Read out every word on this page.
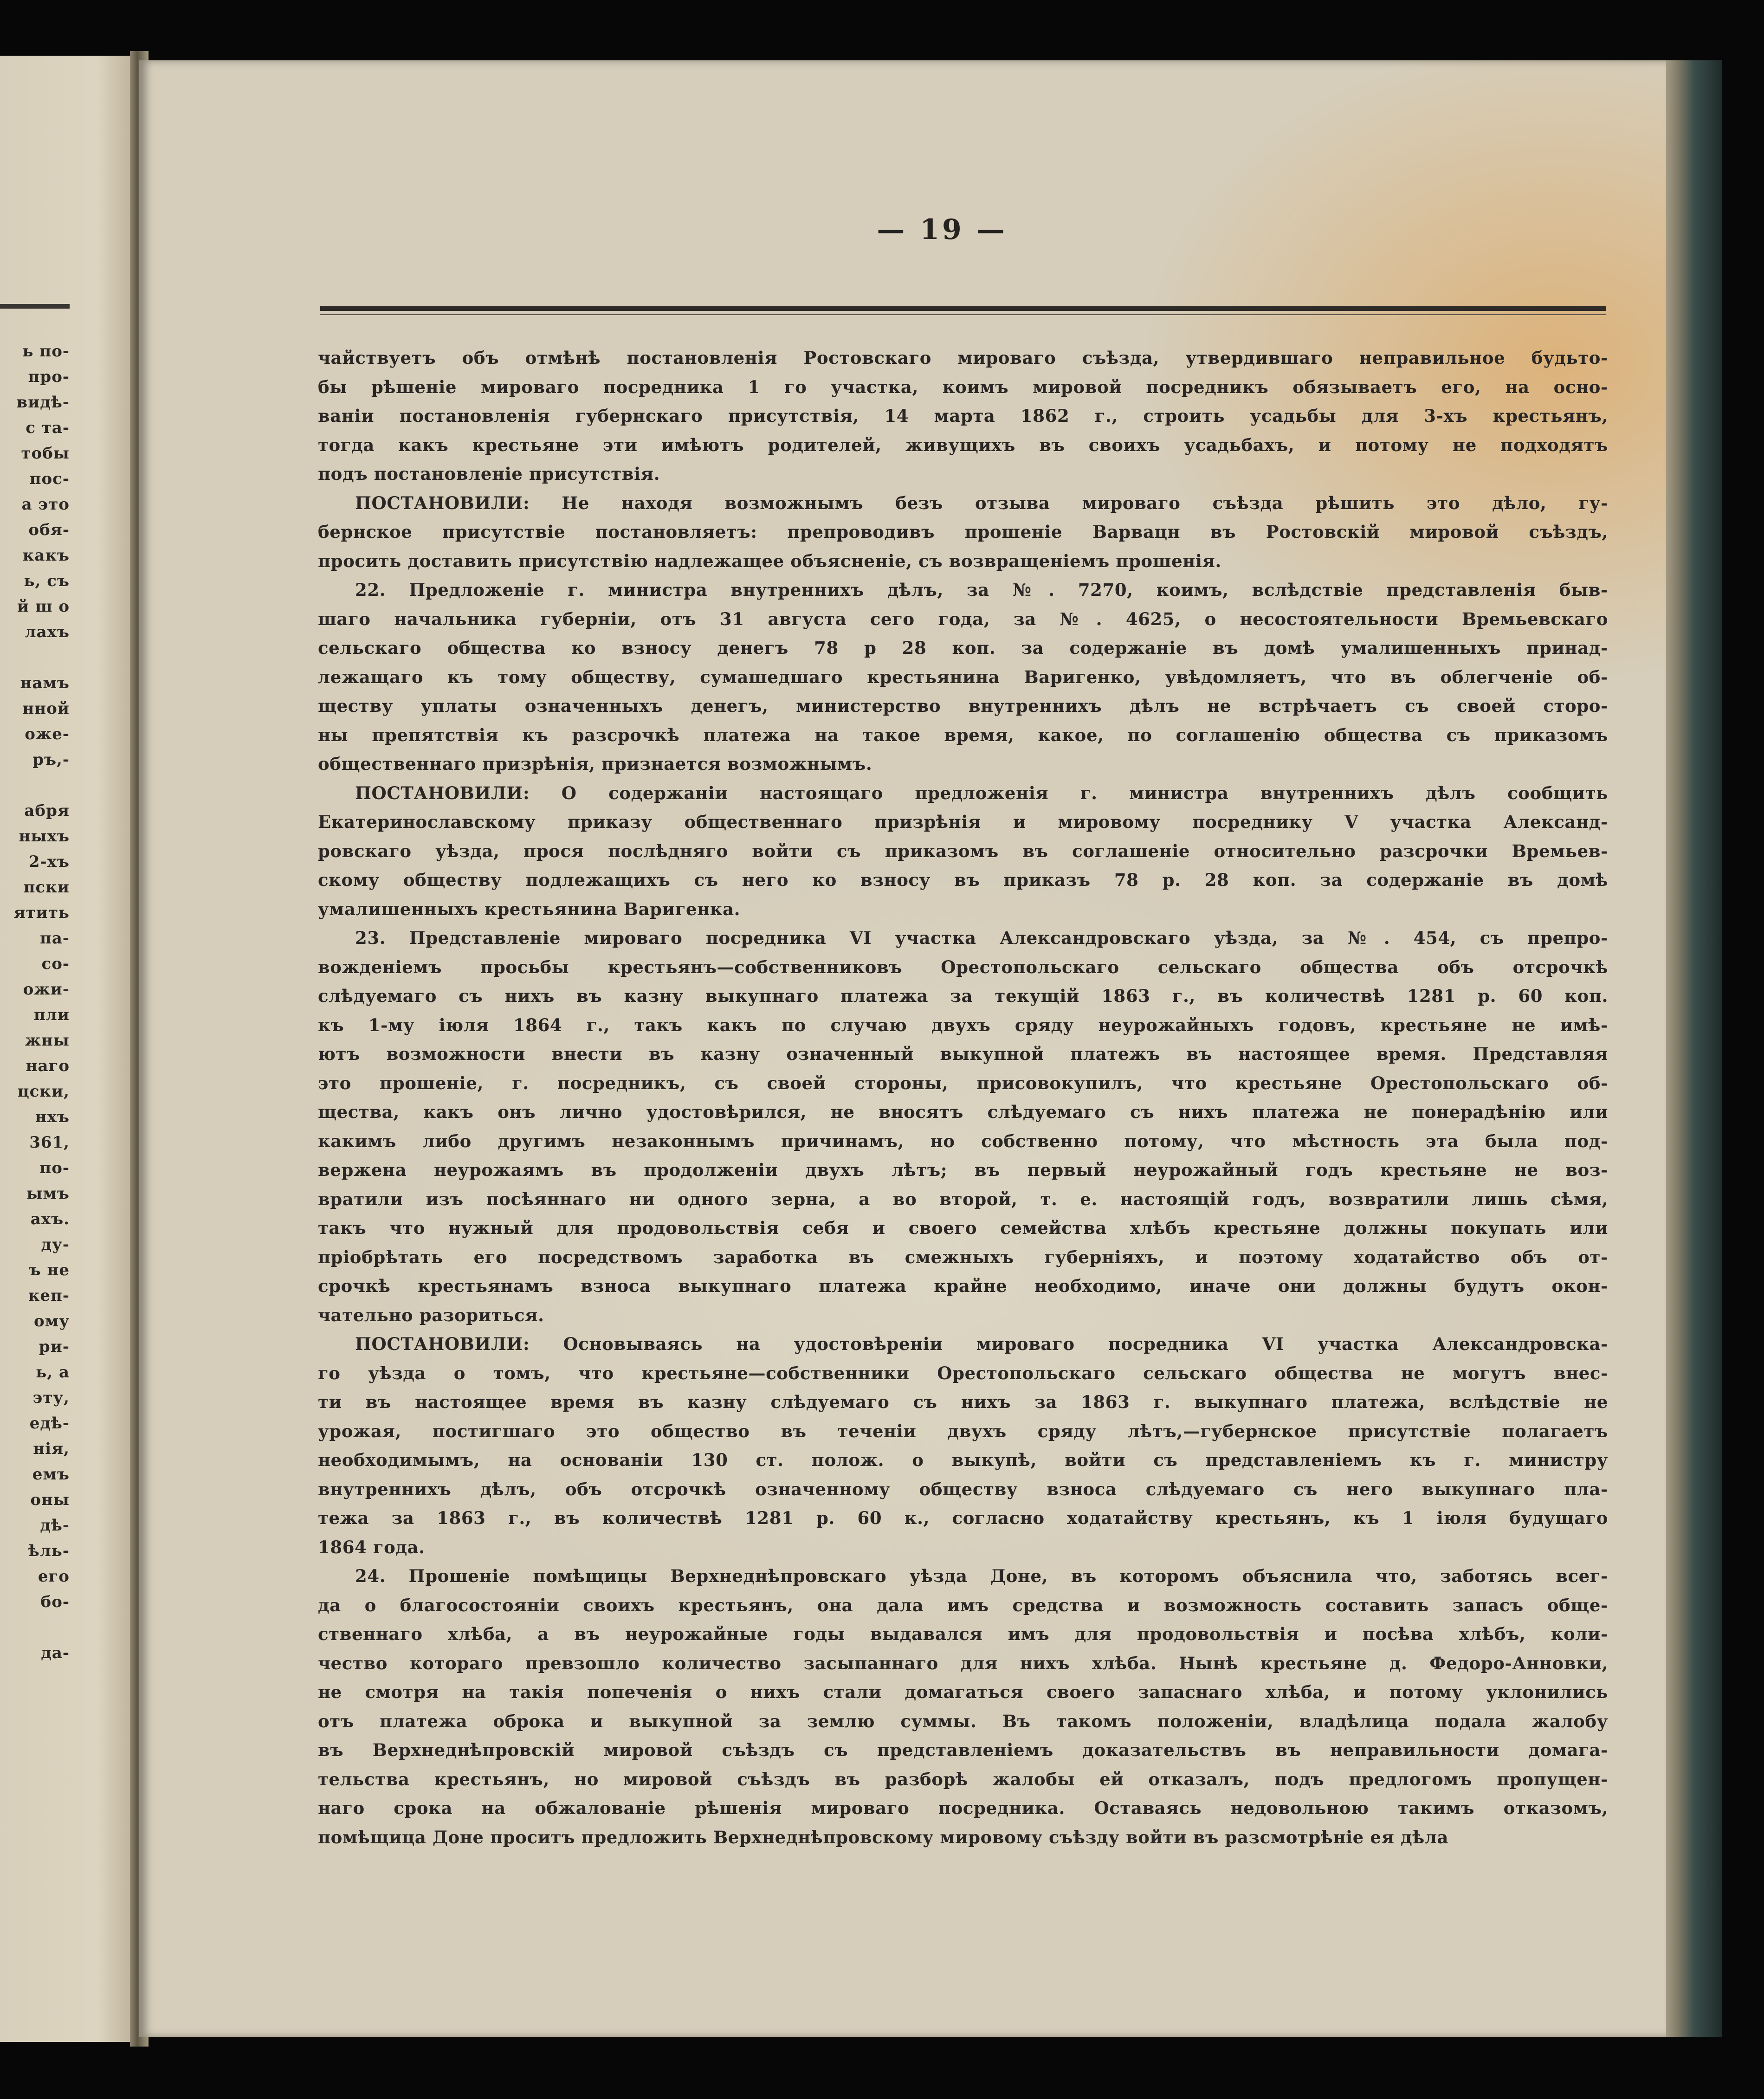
ь по-
про-
видѣ-
с та-
тобы
пос-
а это
обя-
какъ
ь, съ
й ш о
лахъ
намъ
нной
оже-
ръ,-
абря
ныхъ
2-хъ
пски
ятить
па-
со-
ожи-
пли
жны
наго
цски,
нхъ
361,
по-
ымъ
ахъ.
ду-
ъ не
кеп-
ому
ри-
ь, а
эту,
едѣ-
нія,
емъ
оны
дѣ-
ѣль-
его
бо-
да-
— 19 —
чайствуетъ объ отмѣнѣ постановленія Ростовскаго мироваго съѣзда, утвердившаго неправильное будьто-
бы рѣшеніе мироваго посредника 1 го участка, коимъ мировой посредникъ обязываетъ его, на осно-
ваніи постановленія губернскаго присутствія, 14 марта 1862 г., строить усадьбы для 3-хъ крестьянъ,
тогда какъ крестьяне эти имѣютъ родителей, живущихъ въ своихъ усадьбахъ, и потому не подходятъ
подъ постановленіе присутствія.
ПОСТАНОВИЛИ: Не находя возможнымъ безъ отзыва мироваго съѣзда рѣшить это дѣло, гу-
бернское присутствіе постановляетъ: препроводивъ прошеніе Варвацн въ Ростовскій мировой съѣздъ,
просить доставить присутствію надлежащее объясненіе, съ возвращеніемъ прошенія.
22. Предложеніе г. министра внутреннихъ дѣлъ, за №. 7270, коимъ, вслѣдствіе представленія быв-
шаго начальника губерніи, отъ 31 августа сего года, за №. 4625, о несостоятельности Времьевскаго
сельскаго общества ко взносу денегъ 78 р 28 коп. за содержаніе въ домѣ умалишенныхъ принад-
лежащаго къ тому обществу, сумашедшаго крестьянина Варигенко, увѣдомляетъ, что въ облегченіе об-
ществу уплаты означенныхъ денегъ, министерство внутреннихъ дѣлъ не встрѣчаетъ съ своей сторо-
ны препятствія къ разсрочкѣ платежа на такое время, какое, по соглашенію общества съ приказомъ
общественнаго призрѣнія, признается возможнымъ.
ПОСТАНОВИЛИ: О содержаніи настоящаго предложенія г. министра внутреннихъ дѣлъ сообщить
Екатеринославскому приказу общественнаго призрѣнія и мировому посреднику V участка Александ-
ровскаго уѣзда, прося послѣдняго войти съ приказомъ въ соглашеніе относительно разсрочки Времьев-
скому обществу подлежащихъ съ него ко взносу въ приказъ 78 р. 28 коп. за содержаніе въ домѣ
умалишенныхъ крестьянина Варигенка.
23. Представленіе мироваго посредника VI участка Александровскаго уѣзда, за №. 454, съ препро-
вожденіемъ просьбы крестьянъ—собственниковъ Орестопольскаго сельскаго общества объ отсрочкѣ
слѣдуемаго съ нихъ въ казну выкупнаго платежа за текущій 1863 г., въ количествѣ 1281 р. 60 коп.
къ 1-му іюля 1864 г., такъ какъ по случаю двухъ сряду неурожайныхъ годовъ, крестьяне не имѣ-
ютъ возможности внести въ казну означенный выкупной платежъ въ настоящее время. Представляя
это прошеніе, г. посредникъ, съ своей стороны, присовокупилъ, что крестьяне Орестопольскаго об-
щества, какъ онъ лично удостовѣрился, не вносятъ слѣдуемаго съ нихъ платежа не понерадѣнію или
какимъ либо другимъ незаконнымъ причинамъ, но собственно потому, что мѣстность эта была под-
вержена неурожаямъ въ продолженіи двухъ лѣтъ; въ первый неурожайный годъ крестьяне не воз-
вратили изъ посѣяннаго ни одного зерна, а во второй, т. е. настоящій годъ, возвратили лишь сѣмя,
такъ что нужный для продовольствія себя и своего семейства хлѣбъ крестьяне должны покупать или
пріобрѣтать его посредствомъ заработка въ смежныхъ губерніяхъ, и поэтому ходатайство объ от-
срочкѣ крестьянамъ взноса выкупнаго платежа крайне необходимо, иначе они должны будутъ окон-
чательно разориться.
ПОСТАНОВИЛИ: Основываясь на удостовѣреніи мироваго посредника VI участка Александровска-
го уѣзда о томъ, что крестьяне—собственники Орестопольскаго сельскаго общества не могутъ внес-
ти въ настоящее время въ казну слѣдуемаго съ нихъ за 1863 г. выкупнаго платежа, вслѣдствіе не
урожая, постигшаго это общество въ теченіи двухъ сряду лѣтъ,—губернское присутствіе полагаетъ
необходимымъ, на основаніи 130 ст. полож. о выкупѣ, войти съ представленіемъ къ г. министру
внутреннихъ дѣлъ, объ отсрочкѣ означенному обществу взноса слѣдуемаго съ него выкупнаго пла-
тежа за 1863 г., въ количествѣ 1281 р. 60 к., согласно ходатайству крестьянъ, къ 1 іюля будущаго
1864 года.
24. Прошеніе помѣщицы Верхнеднѣпровскаго уѣзда Доне, въ которомъ объяснила что, заботясь всег-
да о благосостояніи своихъ крестьянъ, она дала имъ средства и возможность составить запасъ обще-
ственнаго хлѣба, а въ неурожайные годы выдавался имъ для продовольствія и посѣва хлѣбъ, коли-
чество котораго превзошло количество засыпаннаго для нихъ хлѣба. Нынѣ крестьяне д. Федоро-Анновки,
не смотря на такія попеченія о нихъ стали домагаться своего запаснаго хлѣба, и потому уклонились
отъ платежа оброка и выкупной за землю суммы. Въ такомъ положеніи, владѣлица подала жалобу
въ Верхнеднѣпровскій мировой съѣздъ съ представленіемъ доказательствъ въ неправильности домага-
тельства крестьянъ, но мировой съѣздъ въ разборѣ жалобы ей отказалъ, подъ предлогомъ пропущен-
наго срока на обжалованіе рѣшенія мироваго посредника. Оставаясь недовольною такимъ отказомъ,
помѣщица Доне проситъ предложить Верхнеднѣпровскому мировому съѣзду войти въ разсмотрѣніе ея дѣла
